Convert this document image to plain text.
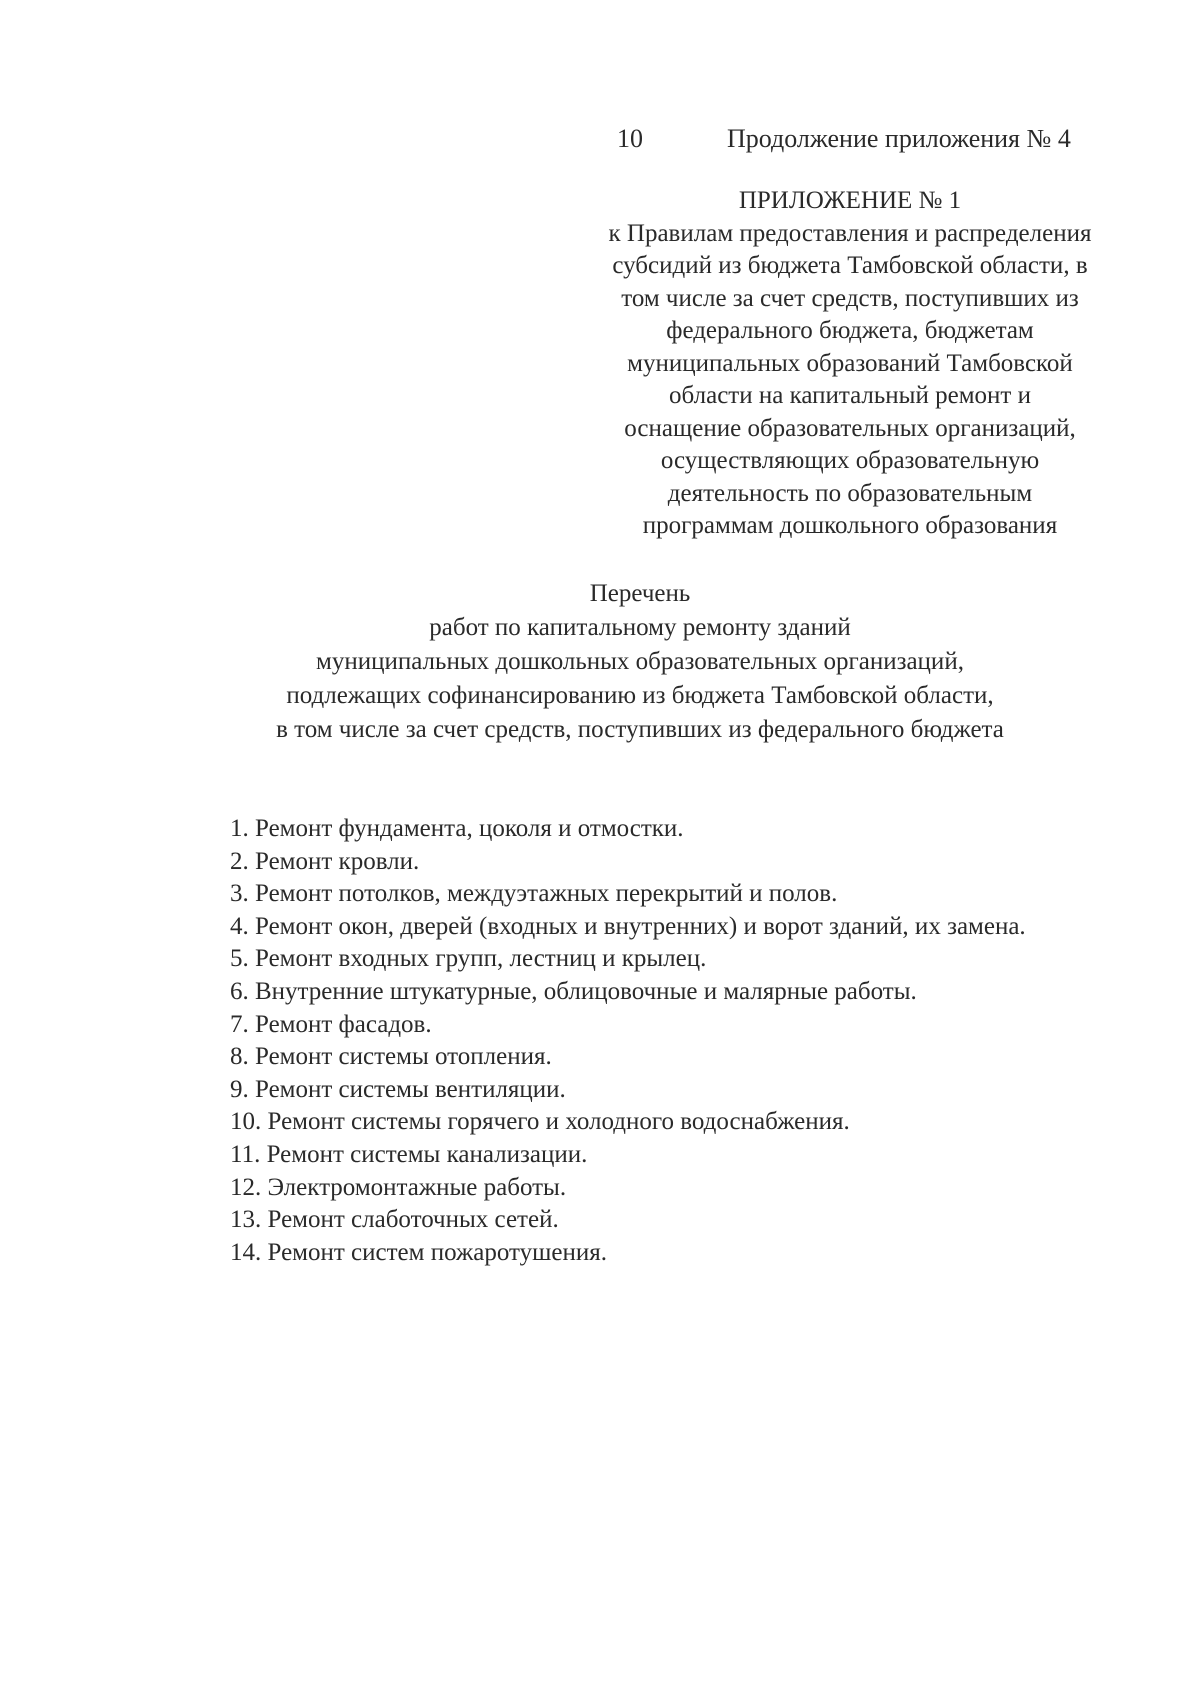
10	Продолжение приложения № 4
ПРИЛОЖЕНИЕ № 1
к Правилам предоставления и распределения
субсидий из бюджета Тамбовской области, в
том числе за счет средств, поступивших из
федерального бюджета, бюджетам
муниципальных образований Тамбовской
области на капитальный ремонт и
оснащение образовательных организаций,
осуществляющих образовательную
деятельность по образовательным
программам дошкольного образования
Перечень
работ по капитальному ремонту зданий
муниципальных дошкольных образовательных организаций,
подлежащих софинансированию из бюджета Тамбовской области,
в том числе за счет средств, поступивших из федерального бюджета
1. Ремонт фундамента, цоколя и отмостки.
2. Ремонт кровли.
3. Ремонт потолков, междуэтажных перекрытий и полов.
4. Ремонт окон, дверей (входных и внутренних) и ворот зданий, их замена.
5. Ремонт входных групп, лестниц и крылец.
6. Внутренние штукатурные, облицовочные и малярные работы.
7. Ремонт фасадов.
8. Ремонт системы отопления.
9. Ремонт системы вентиляции.
10. Ремонт системы горячего и холодного водоснабжения.
11. Ремонт системы канализации.
12. Электромонтажные работы.
13. Ремонт слаботочных сетей.
14. Ремонт систем пожаротушения.
